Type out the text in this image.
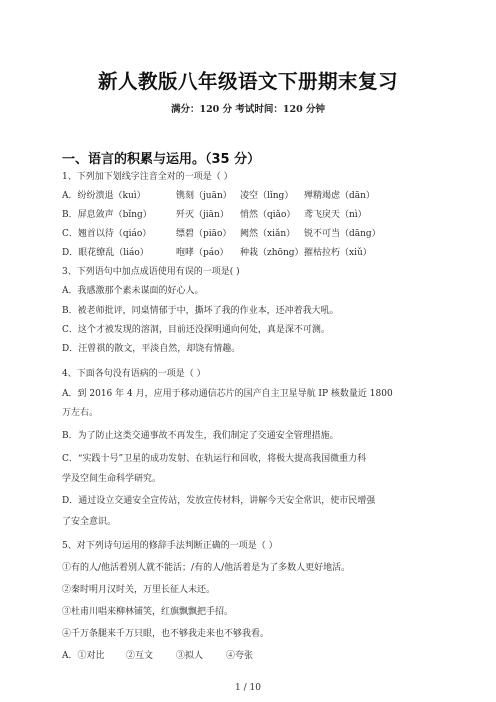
新人教版八年级语文下册期末复习
满分：120 分 考试时间：120 分钟
一、语言的积累与运用。（35 分）
1、下列加下划线字注音全对的一项是（ ）
A．纷纷溃退（kuì）	镌刻（juān） 凌空（lǐng）	殚精竭虑（dān）
B．屏息敛声（bǐng）	歼灭（jiān）	悄然（qiǎo） 鸢飞戾天（nì）
C．翘首以待（qiáo）	缥碧（piāo） 阙然（xiǎn） 锐不可当（dāng）
D．眼花缭乱（liáo）	咆哮（páo）	种栽（zhōng） 摧枯拉朽（xiǔ）
3、下列语句中加点成语使用有误的一项是( )
A．我感激那个素未谋面的好心人。
B．被老师批评，同桌情郁于中，撕坏了我的作业本，还冲着我大吼。
C．这个才被发现的溶洞，目前还没探明通向何处，真是深不可测。
D．汪曾祺的散文，平淡自然，却饶有情趣。
4、下面各句没有语病的一项是（ ）
A．到 2016 年 4 月，应用于移动通信芯片的国产自主卫星导航 IP 核数量近 1800
万左右。
B．为了防止这类交通事故不再发生，我们制定了交通安全管理措施。
C．“实践十号”卫星的成功发射、在轨运行和回收，将极大提高我国微重力科
学及空间生命科学研究。
D．通过设立交通安全宣传站，发放宣传材料，讲解今天安全常识，使市民增强
了安全意识。
5、对下列诗句运用的修辞手法判断正确的一项是（ ）
①有的人/他活着别人就不能活；/有的人/他活着是为了多数人更好地活。
②秦时明月汉时关，万里长征人未还。
③杜甫川唱来柳林铺笑，红旗飘飘把手招。
④千万条腿来千万只眼，也不够我走来也不够我看。
A．①对比	②互文	③拟人	④夸张
1 / 10
